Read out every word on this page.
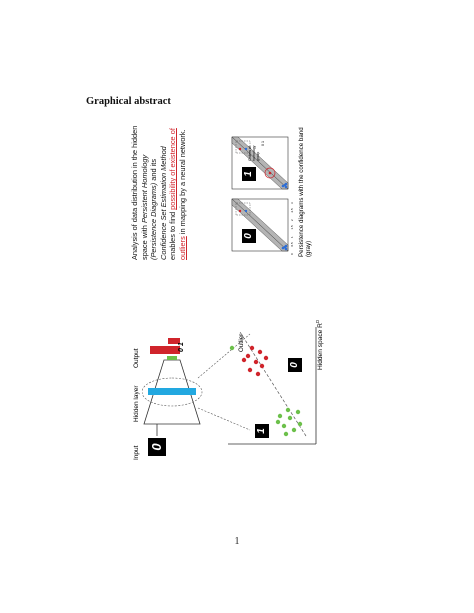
Graphical abstract
Input
Hidden layer
Output
0
0 1	Outlier
1
0	Hidden space $R^D$
Analysis of data distribution in the hidden space with Persistent Homology (Persistence Diagrams) and its Confidence Set Estimation Method enables to find possibility of existence of outliers in mapping by a neural network.	0
1
Orders of homology group
0 1
0
0.5
1
1.5
2
2.5
3 Persistence diagrams with the confidence band (gray)
1
